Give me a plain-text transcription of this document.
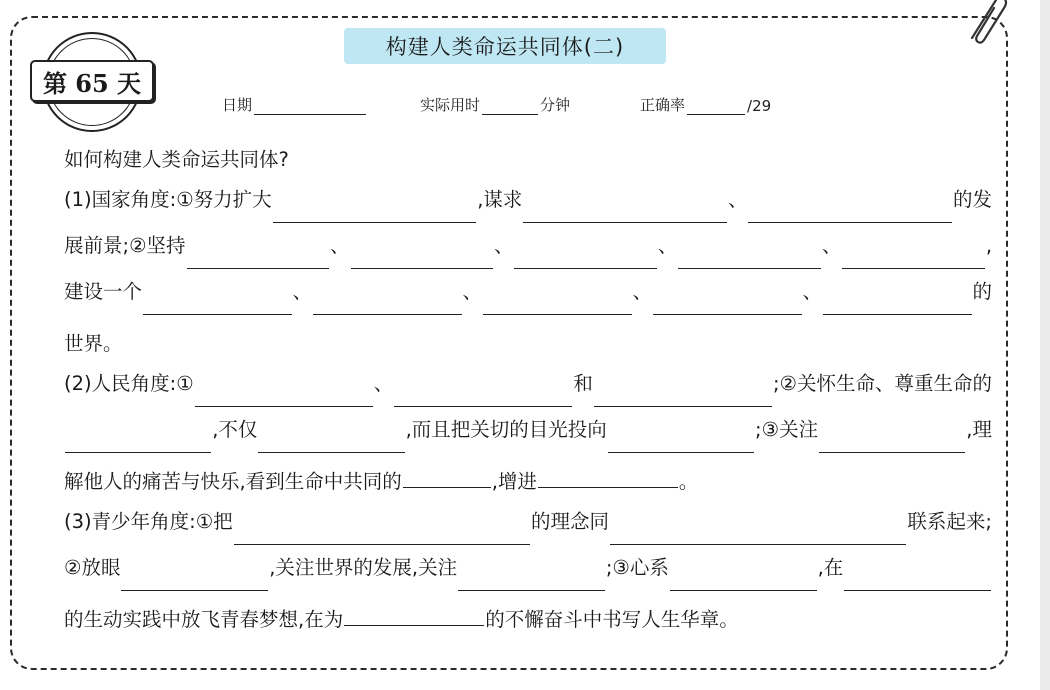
第 65 天
构建人类命运共同体(二)
日期	实际用时	分钟	正确率	/29
如何构建人类命运共同体?
(1)国家角度:①努力扩大	,谋求	、	的发
展前景;②坚持	、	、	、	、	,
建设一个	、	、	、	、	的
世界。
(2)人民角度:①	、	和	;②关怀生命、尊重生命的
,不仅	,而且把关切的目光投向	;③关注	,理
解他人的痛苦与快乐,看到生命中共同的	,增进	。
(3)青少年角度:①把	的理念同	联系起来;
②放眼	,关注世界的发展,关注	;③心系	,在
的生动实践中放飞青春梦想,在为	的不懈奋斗中书写人生华章。
